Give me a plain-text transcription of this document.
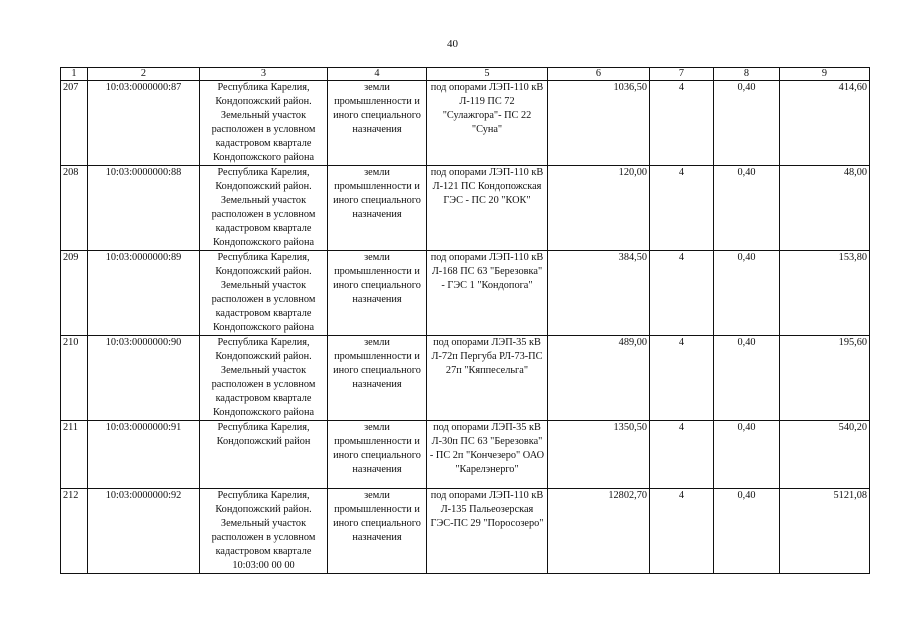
40
1	2	3	4	5	6	7	8	9
207	10:03:0000000:87	Республика Карелия, Кондопожский район. Земельный участок расположен в условном кадастровом квартале Кондопожского района	земли промышленности и иного специального назначения	под опорами ЛЭП-110 кВ Л-119 ПС 72 "Сулажгора"- ПС 22 "Суна"	1036,50	4	0,40	414,60
208	10:03:0000000:88	Республика Карелия, Кондопожский район. Земельный участок расположен в условном кадастровом квартале Кондопожского района	земли промышленности и иного специального назначения	под опорами ЛЭП-110 кВ Л-121 ПС Кондопожская ГЭС - ПС 20 "КОК"	120,00	4	0,40	48,00
209	10:03:0000000:89	Республика Карелия, Кондопожский район. Земельный участок расположен в условном кадастровом квартале Кондопожского района	земли промышленности и иного специального назначения	под опорами ЛЭП-110 кВ Л-168 ПС 63 "Березовка" - ГЭС 1 "Кондопога"	384,50	4	0,40	153,80
210	10:03:0000000:90	Республика Карелия, Кондопожский район. Земельный участок расположен в условном кадастровом квартале Кондопожского района	земли промышленности и иного специального назначения	под опорами ЛЭП-35 кВ Л-72п Пергуба РЛ-73-ПС 27п "Кяппесельга"	489,00	4	0,40	195,60
211	10:03:0000000:91	Республика Карелия, Кондопожский район	земли промышленности и иного специального назначения	под опорами ЛЭП-35 кВ Л-30п ПС 63 "Березовка" - ПС 2п "Кончезеро" ОАО "Карелэнерго"	1350,50	4	0,40	540,20
212	10:03:0000000:92	Республика Карелия, Кондопожский район. Земельный участок расположен в условном кадастровом квартале 10:03:00 00 00	земли промышленности и иного специального назначения	под опорами ЛЭП-110 кВ Л-135 Пальеозерская ГЭС-ПС 29 "Поросозеро"	12802,70	4	0,40	5121,08
